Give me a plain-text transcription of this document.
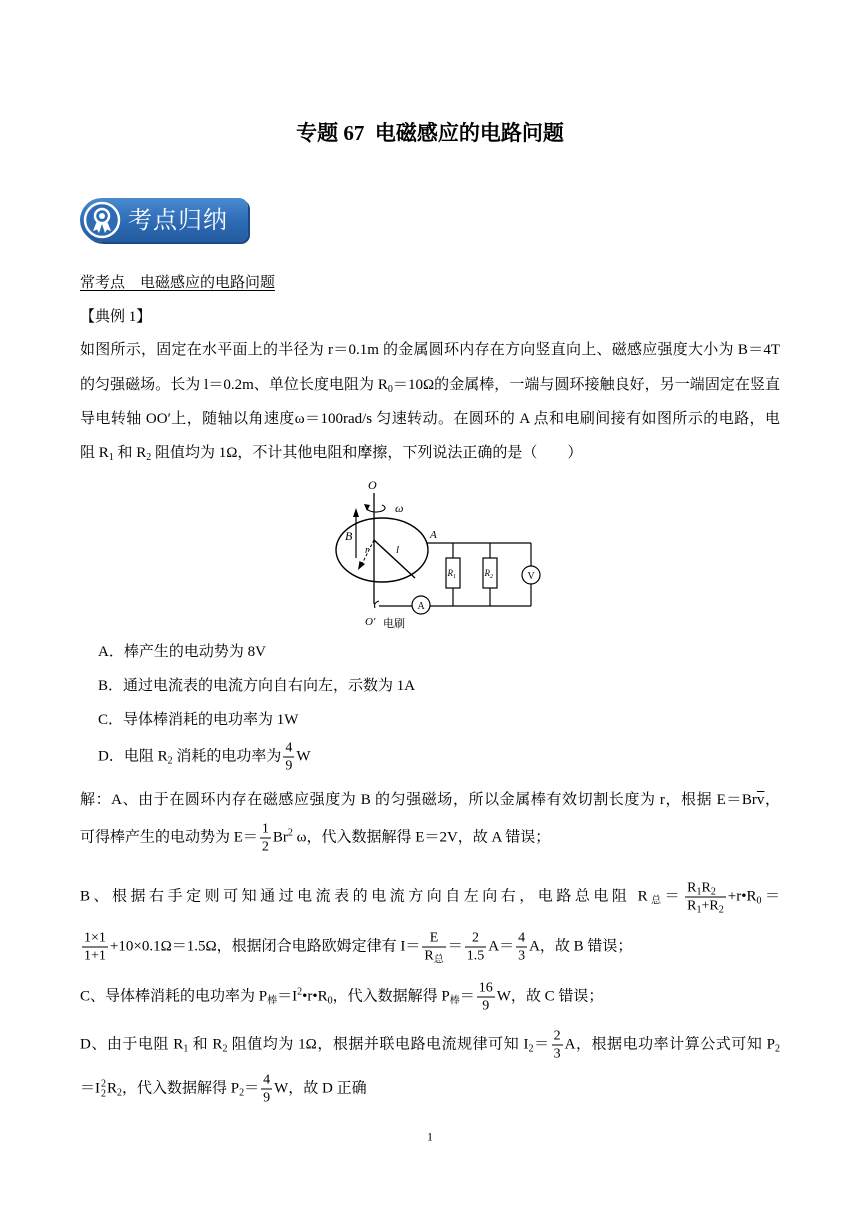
专题 67  电磁感应的电路问题
考点归纳
常考点　电磁感应的电路问题
【典例 1】
如图所示，固定在水平面上的半径为 r＝0.1m 的金属圆环内存在方向竖直向上、磁感应强度大小为 B＝4T
的匀强磁场。长为 l＝0.2m、单位长度电阻为 $R_0=10\Omega$的金属棒，一端与圆环接触良好，另一端固定在竖直
导电转轴 OO′上，随轴以角速度ω＝100rad/s 匀速转动。在圆环的 A 点和电刷间接有如图所示的电路，电
阻 $R_1$ 和 $R_2$ 阻值均为 1Ω，不计其他电阻和摩擦，下列说法正确的是（　　）
O
ω
B
r l
A
$R_1$	$R_2$	V
A
O′ 电刷
A．棒产生的电动势为 8V
B．通过电流表的电流方向自右向左，示数为 1A
C．导体棒消耗的电功率为 1W
D．电阻 $R_2$ 消耗的电功率为 $\frac{4}{9}$ W
解：A、由于在圆环内存在磁感应强度为 B 的匀强磁场，所以金属棒有效切割长度为 r，根据 $E=Br\overline{v}$，
可得棒产生的电动势为 $E= \frac{1}{2} Br^2$ ω，代入数据解得 E＝2V，故 A 错误；
B、根据右手定则可知通过电流表的电流方向自左向右，电路总电阻 $R_总= \frac{R_1R_2}{R_1+R_2}$ $+r•R_0=$
$\frac{1\times 1}{1+1} +10\times 0.1\Omega=1.5\Omega$，根据闭合电路欧姆定律有 $I= \frac{E}{R_总} = \frac{2}{1.5} A= \frac{4}{3}$ A，故 B 错误；
C、导体棒消耗的电功率为 $P_棒=I^2•r•R_0$，代入数据解得 $P_棒= \frac{16}{9}$ W，故 C 错误；
D、由于电阻 $R_1$ 和 $R_2$ 阻值均为 1Ω，根据并联电路电流规律可知 $I_2= \frac{2}{3}$ A，根据电功率计算公式可知 $P_2$
＝I 2
2 $R_2$，代入数据解得 $P_2= \frac{4}{9}$ W，故 D 正确
1
